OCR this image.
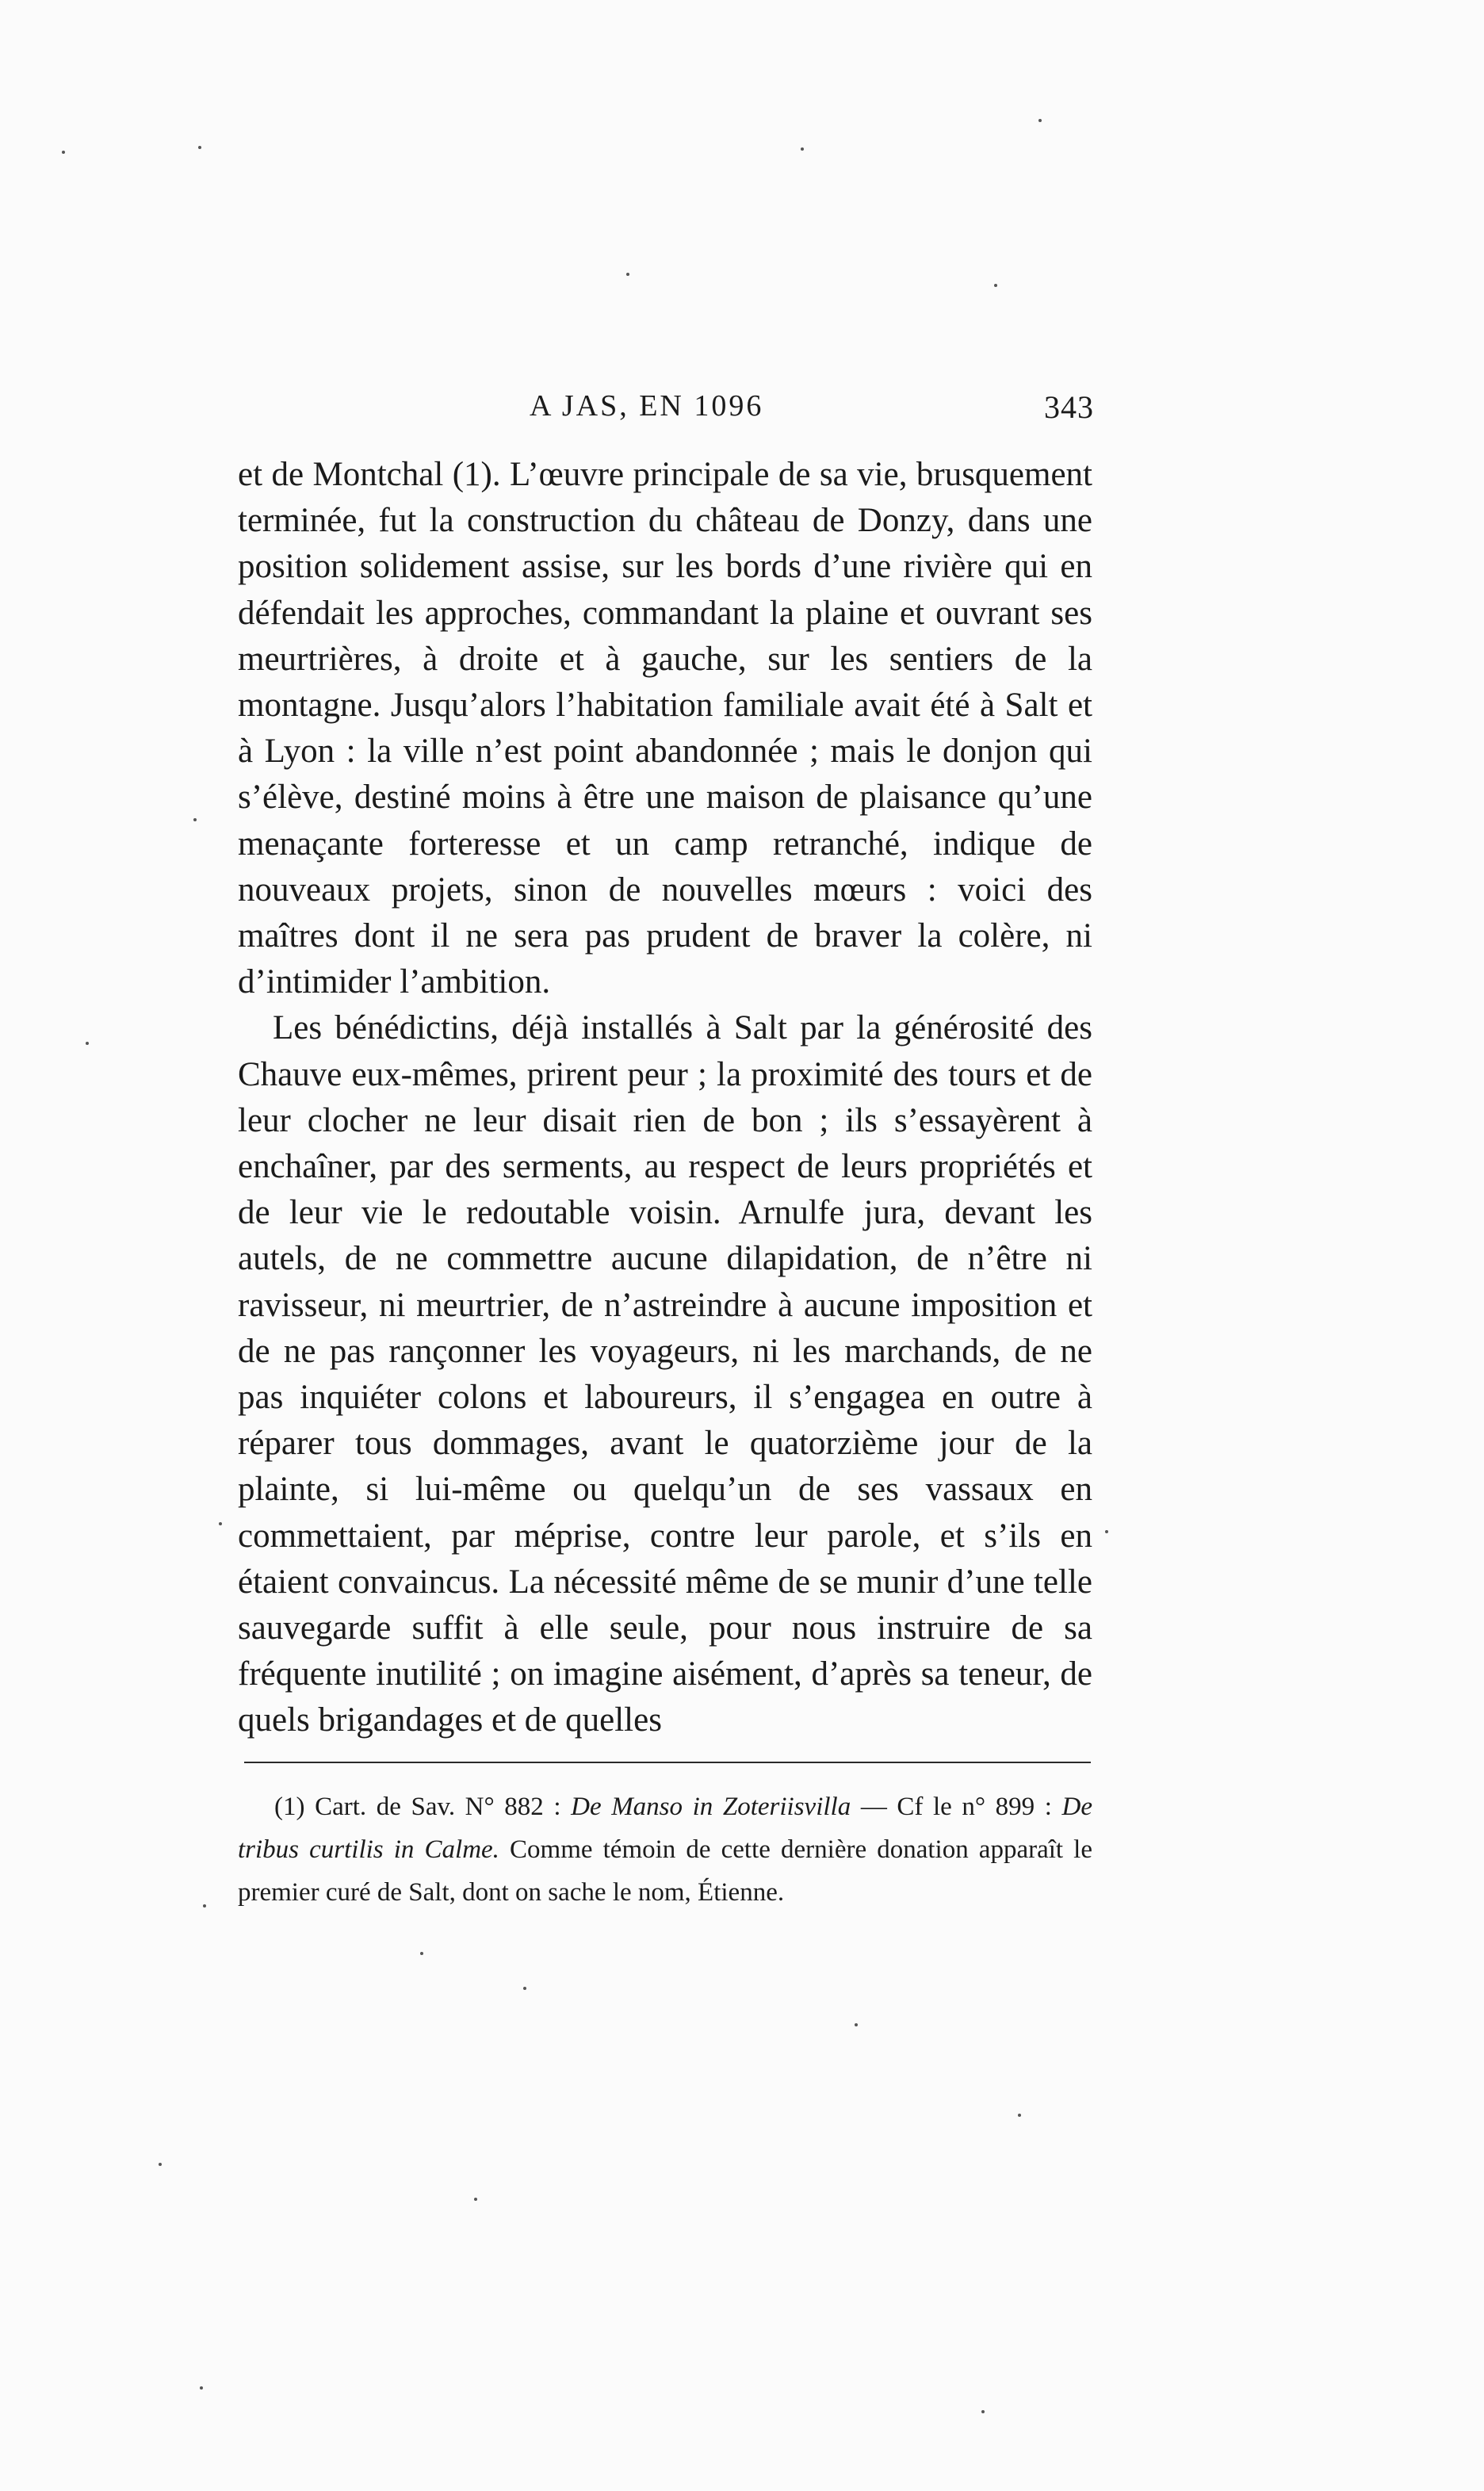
A JAS, EN 1096	343

et de Montchal (1). L’œuvre principale de sa vie, brusquement terminée, fut la construction du château de Donzy, dans une position solidement assise, sur les bords d’une rivière qui en défendait les approches, commandant la plaine et ouvrant ses meurtrières, à droite et à gauche, sur les sentiers de la montagne. Jusqu’alors l’habitation familiale avait été à Salt et à Lyon : la ville n’est point abandonnée ; mais le donjon qui s’élève, destiné moins à être une maison de plaisance qu’une menaçante forteresse et un camp retranché, indique de nouveaux projets, sinon de nouvelles mœurs : voici des maîtres dont il ne sera pas prudent de braver la colère, ni d’intimider l’ambition.

Les bénédictins, déjà installés à Salt par la générosité des Chauve eux-mêmes, prirent peur ; la proximité des tours et de leur clocher ne leur disait rien de bon ; ils s’essayèrent à enchaîner, par des serments, au respect de leurs propriétés et de leur vie le redoutable voisin. Arnulfe jura, devant les autels, de ne commettre aucune dilapidation, de n’être ni ravisseur, ni meurtrier, de n’astreindre à aucune imposition et de ne pas rançonner les voyageurs, ni les marchands, de ne pas inquiéter colons et laboureurs, il s’engagea en outre à réparer tous dommages, avant le quatorzième jour de la plainte, si lui-même ou quelqu’un de ses vassaux en commettaient, par méprise, contre leur parole, et s’ils en étaient convaincus. La nécessité même de se munir d’une telle sauvegarde suffit à elle seule, pour nous instruire de sa fréquente inutilité ; on imagine aisément, d’après sa teneur, de quels brigandages et de quelles

(1) Cart. de Sav. N° 882 : De Manso in Zoteriisvilla — Cf le n° 899 : De tribus curtilis in Calme. Comme témoin de cette dernière donation apparaît le premier curé de Salt, dont on sache le nom, Étienne.
